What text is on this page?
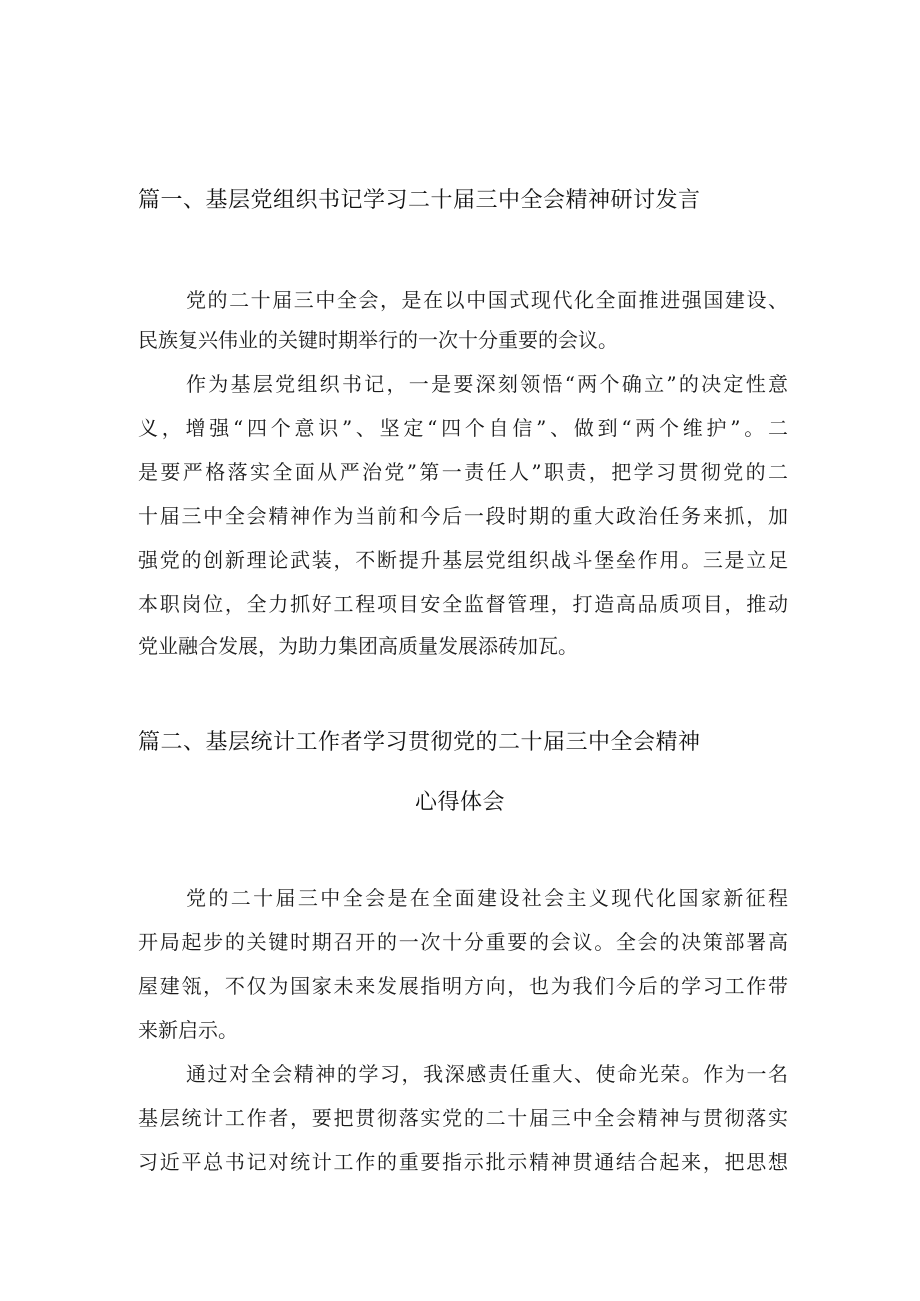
篇一、基层党组织书记学习二十届三中全会精神研讨发言
党的二十届三中全会，是在以中国式现代化全面推进强国建设、
民族复兴伟业的关键时期举行的一次十分重要的会议。
作为基层党组织书记，一是要深刻领悟“两个确立”的决定性意
义，增强“四个意识”、坚定“四个自信”、做到“两个维护”。二
是要严格落实全面从严治党”第一责任人”职责，把学习贯彻党的二
十届三中全会精神作为当前和今后一段时期的重大政治任务来抓，加
强党的创新理论武装，不断提升基层党组织战斗堡垒作用。三是立足
本职岗位，全力抓好工程项目安全监督管理，打造高品质项目，推动
党业融合发展，为助力集团高质量发展添砖加瓦。
篇二、基层统计工作者学习贯彻党的二十届三中全会精神
心得体会
党的二十届三中全会是在全面建设社会主义现代化国家新征程
开局起步的关键时期召开的一次十分重要的会议。全会的决策部署高
屋建瓴，不仅为国家未来发展指明方向，也为我们今后的学习工作带
来新启示。
通过对全会精神的学习，我深感责任重大、使命光荣。作为一名
基层统计工作者，要把贯彻落实党的二十届三中全会精神与贯彻落实
习近平总书记对统计工作的重要指示批示精神贯通结合起来，把思想
